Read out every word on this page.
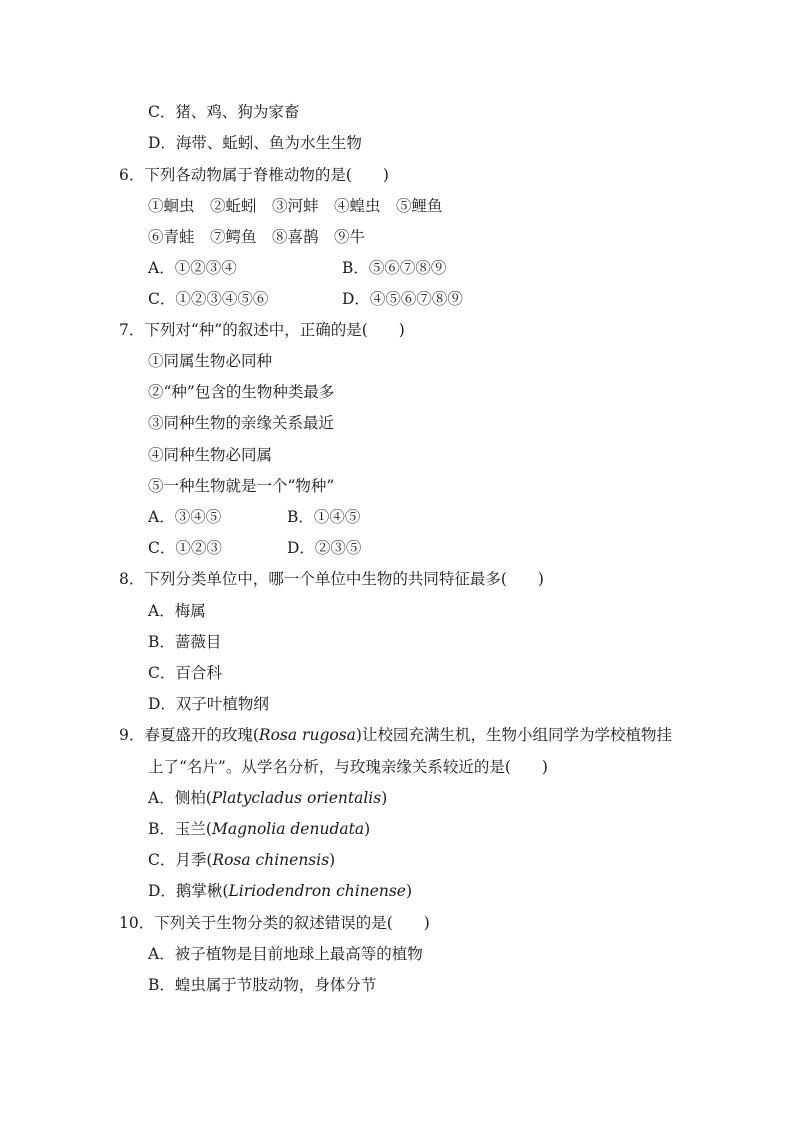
C．猪、鸡、狗为家畜
D．海带、蚯蚓、鱼为水生生物
6．下列各动物属于脊椎动物的是(　　)
①蛔虫　②蚯蚓　③河蚌　④蝗虫　⑤鲤鱼
⑥青蛙　⑦鳄鱼　⑧喜鹊　⑨牛
A．①②③④	B．⑤⑥⑦⑧⑨
C．①②③④⑤⑥	D．④⑤⑥⑦⑧⑨
7．下列对“种”的叙述中，正确的是(　　)
①同属生物必同种
②“种”包含的生物种类最多
③同种生物的亲缘关系最近
④同种生物必同属
⑤一种生物就是一个“物种”
A．③④⑤	B．①④⑤
C．①②③	D．②③⑤
8．下列分类单位中，哪一个单位中生物的共同特征最多(　　)
A．梅属
B．蔷薇目
C．百合科
D．双子叶植物纲
9．春夏盛开的玫瑰(Rosa rugosa)让校园充满生机，生物小组同学为学校植物挂
上了“名片”。从学名分析，与玫瑰亲缘关系较近的是(　　)
A．侧柏(Platycladus orientalis)
B．玉兰(Magnolia denudata)
C．月季(Rosa chinensis)
D．鹅掌楸(Liriodendron chinense)
10．下列关于生物分类的叙述错误的是(　　)
A．被子植物是目前地球上最高等的植物
B．蝗虫属于节肢动物，身体分节
